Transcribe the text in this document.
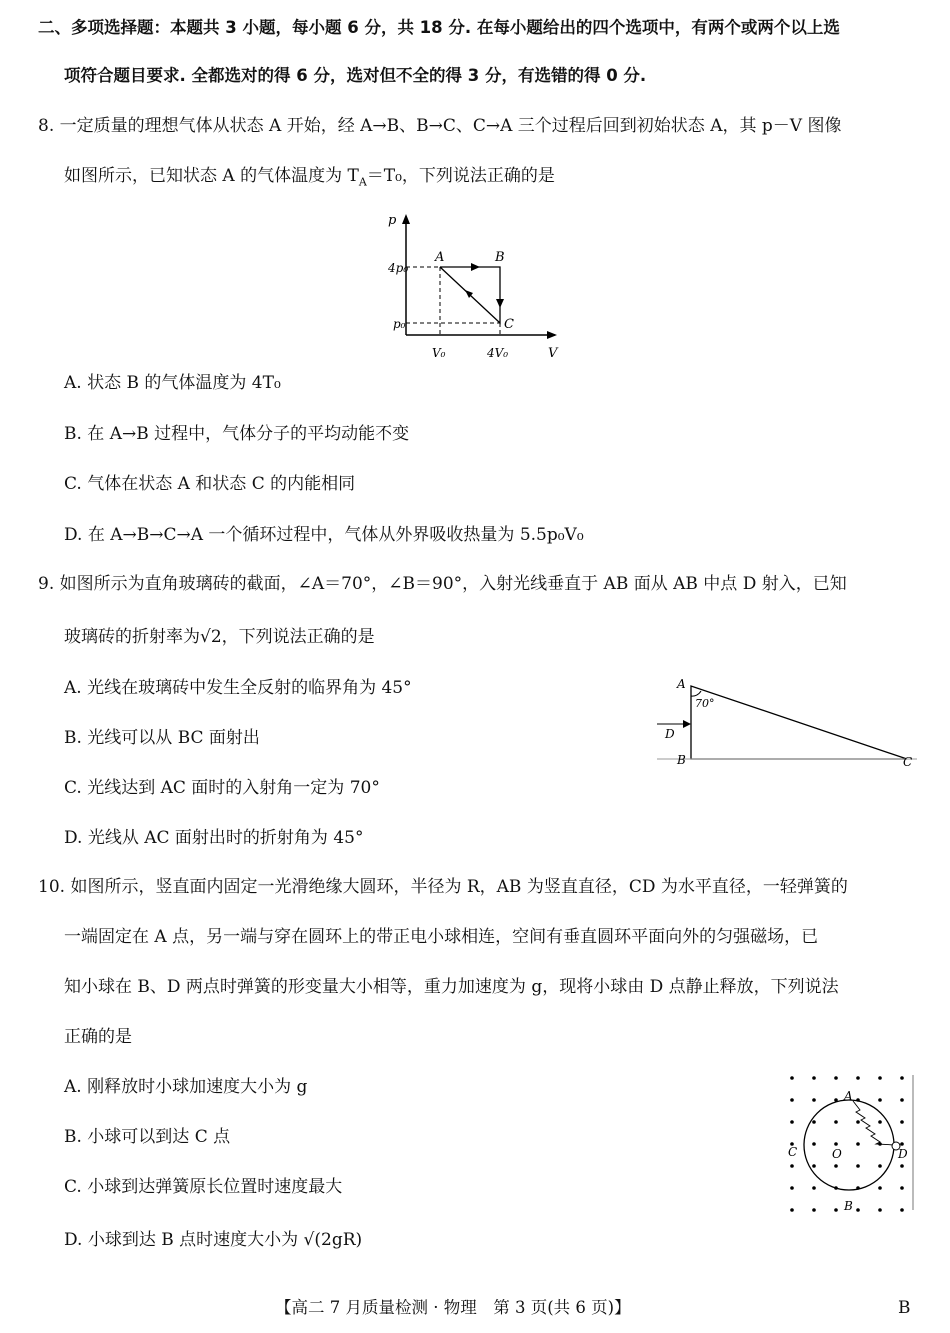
二、多项选择题：本题共 3 小题，每小题 6 分，共 18 分. 在每小题给出的四个选项中，有两个或两个以上选
项符合题目要求. 全都选对的得 6 分，选对但不全的得 3 分，有选错的得 0 分.
8. 一定质量的理想气体从状态 A 开始，经 A→B、B→C、C→A 三个过程后回到初始状态 A，其 p－V 图像
如图所示，已知状态 A 的气体温度为 $T_A=T_0$，下列说法正确的是
p
V
A	B
C
4p₀
p₀
V₀	4V₀
A. 状态 B 的气体温度为 4T₀
B. 在 A→B 过程中，气体分子的平均动能不变
C. 气体在状态 A 和状态 C 的内能相同
D. 在 A→B→C→A 一个循环过程中，气体从外界吸收热量为 5.5p₀V₀
9. 如图所示为直角玻璃砖的截面，∠A＝70°，∠B＝90°，入射光线垂直于 AB 面从 AB 中点 D 射入，已知
玻璃砖的折射率为√2，下列说法正确的是
A
70°
D
B	C
A. 光线在玻璃砖中发生全反射的临界角为 45°
B. 光线可以从 BC 面射出
C. 光线达到 AC 面时的入射角一定为 70°
D. 光线从 AC 面射出时的折射角为 45°
10. 如图所示，竖直面内固定一光滑绝缘大圆环，半径为 R，AB 为竖直直径，CD 为水平直径，一轻弹簧的
一端固定在 A 点，另一端与穿在圆环上的带正电小球相连，空间有垂直圆环平面向外的匀强磁场，已
知小球在 B、D 两点时弹簧的形变量大小相等，重力加速度为 g，现将小球由 D 点静止释放，下列说法
正确的是
A
B
C	D
O
A. 刚释放时小球加速度大小为 g
B. 小球可以到达 C 点
C. 小球到达弹簧原长位置时速度最大
D. 小球到达 B 点时速度大小为 √(2gR)
【高二 7 月质量检测 · 物理　第 3 页(共 6 页)】	B
